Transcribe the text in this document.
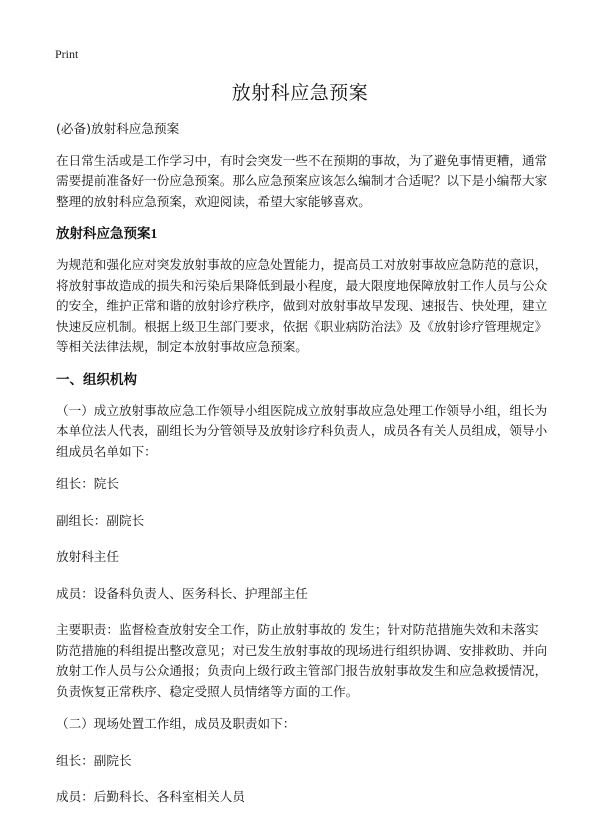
Print
放射科应急预案

(必备)放射科应急预案

在日常生活或是工作学习中，有时会突发一些不在预期的事故，为了避免事情更糟，通常需要提前准备好一份应急预案。那么应急预案应该怎么编制才合适呢？以下是小编帮大家整理的放射科应急预案，欢迎阅读，希望大家能够喜欢。

放射科应急预案1

为规范和强化应对突发放射事故的应急处置能力，提高员工对放射事故应急防范的意识，将放射事故造成的损失和污染后果降低到最小程度，最大限度地保障放射工作人员与公众的安全，维护正常和谐的放射诊疗秩序，做到对放射事故早发现、速报告、快处理，建立快速反应机制。根据上级卫生部门要求，依据《职业病防治法》及《放射诊疗管理规定》等相关法律法规，制定本放射事故应急预案。

一、组织机构

（一）成立放射事故应急工作领导小组医院成立放射事故应急处理工作领导小组，组长为本单位法人代表，副组长为分管领导及放射诊疗科负责人，成员各有关人员组成，领导小组成员名单如下：

组长：院长

副组长：副院长

放射科主任

成员：设备科负责人、医务科长、护理部主任

主要职责：监督检查放射安全工作，防止放射事故的 发生；针对防范措施失效和未落实防范措施的科组提出整改意见；对已发生放射事故的现场进行组织协调、安排救助、并向放射工作人员与公众通报；负责向上级行政主管部门报告放射事故发生和应急救援情况，负责恢复正常秩序、稳定受照人员情绪等方面的工作。

（二）现场处置工作组，成员及职责如下：

组长：副院长

成员：后勤科长、各科室相关人员
